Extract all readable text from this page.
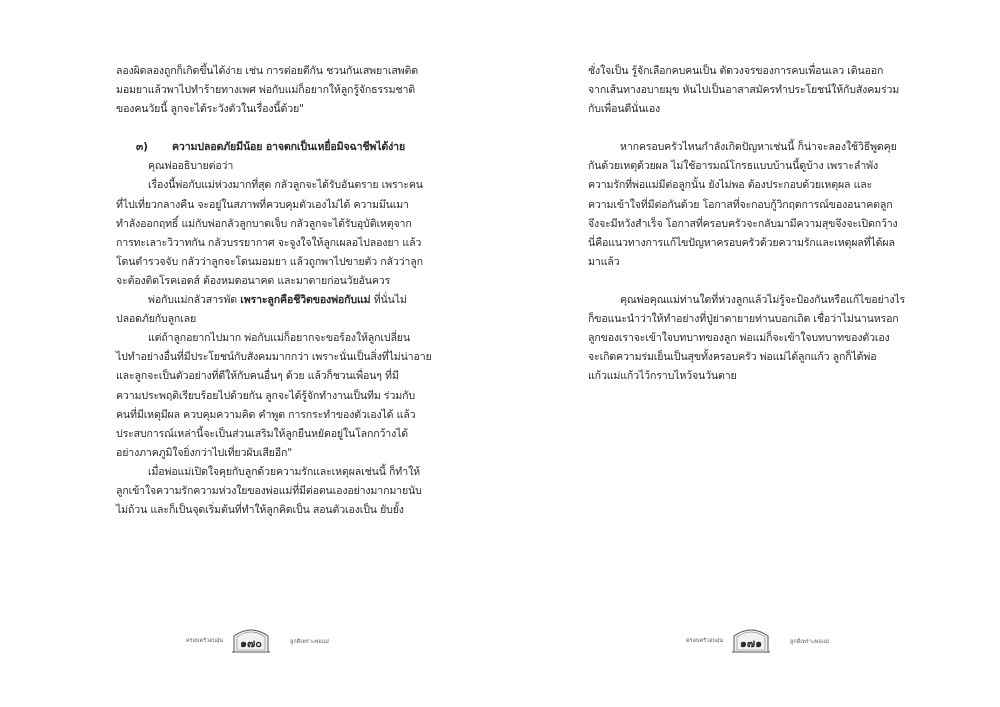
ลองผิดลองถูกก็เกิดขึ้นได้ง่าย เช่น การต่อยตีกัน ชวนกันเสพยาเสพติด
มอมยาแล้วพาไปทำร้ายทางเพศ พ่อกับแม่ก็อยากให้ลูกรู้จักธรรมชาติ
ของคนวัยนี้ ลูกจะได้ระวังตัวในเรื่องนี้ด้วย"
๓) ความปลอดภัยมีน้อย อาจตกเป็นเหยื่อมิจฉาชีพได้ง่าย
คุณพ่ออธิบายต่อว่า
เรื่องนี้พ่อกับแม่ห่วงมากที่สุด กลัวลูกจะได้รับอันตราย เพราะคน
ที่ไปเที่ยวกลางคืน จะอยู่ในสภาพที่ควบคุมตัวเองไม่ได้ ความมึนเมา
ทำลังออกฤทธิ์ แม่กับพ่อกลัวลูกบาดเจ็บ กลัวลูกจะได้รับอุบัติเหตุจาก
การทะเลาะวิวาทกัน กลัวบรรยากาศ จะจูงใจให้ลูกเผลอไปลองยา แล้ว
โดนตำรวจจับ กลัวว่าลูกจะโดนมอมยา แล้วถูกพาไปขายตัว กลัวว่าลูก
จะต้องติดโรคเอดส์ ต้องหมดอนาคต และมาตายก่อนวัยอันควร
พ่อกับแม่กลัวสารพัด เพราะลูกคือชีวิตของพ่อกับแม่ ที่นั่นไม่
ปลอดภัยกับลูกเลย
แต่ถ้าลูกอยากไปมาก พ่อกับแม่ก็อยากจะขอร้องให้ลูกเปลี่ยน
ไปทำอย่างอื่นที่มีประโยชน์กับสังคมมากกว่า เพราะนั่นเป็นสิ่งที่ไม่น่าอาย
และลูกจะเป็นตัวอย่างที่ดีให้กับคนอื่นๆ ด้วย แล้วก็ชวนเพื่อนๆ ที่มี
ความประพฤติเรียบร้อยไปด้วยกัน ลูกจะได้รู้จักทำงานเป็นทีม ร่วมกับ
คนที่มีเหตุมีผล ควบคุมความคิด คำพูด การกระทำของตัวเองได้ แล้ว
ประสบการณ์เหล่านี้จะเป็นส่วนเสริมให้ลูกยืนหยัดอยู่ในโลกกว้างได้
อย่างภาคภูมิใจยิ่งกว่าไปเที่ยวผับเสียอีก"
เมื่อพ่อแม่เปิดใจคุยกับลูกด้วยความรักและเหตุผลเช่นนี้ ก็ทำให้
ลูกเข้าใจความรักความห่วงใยของพ่อแม่ที่มีต่อตนเองอย่างมากมายนับ
ไม่ถ้วน และก็เป็นจุดเริ่มต้นที่ทำให้ลูกคิดเป็น สอนตัวเองเป็น ยับยั้ง
ครอบครัวอบอุ่น	๑๗๐	ลูกดีเพราะพ่อแม่
ชั่งใจเป็น รู้จักเลือกคบคนเป็น ตัดวงจรของการคบเพื่อนเลว เดินออก
จากเส้นทางอบายมุข หันไปเป็นอาสาสมัครทำประโยชน์ให้กับสังคมร่วม
กับเพื่อนดีนั่นเอง
หากครอบครัวไหนกำลังเกิดปัญหาเช่นนี้ ก็น่าจะลองใช้วิธีพูดคุย
กันด้วยเหตุด้วยผล ไม่ใช้อารมณ์โกรธแบบบ้านนี้ดูบ้าง เพราะลำพัง
ความรักที่พ่อแม่มีต่อลูกนั้น ยังไม่พอ ต้องประกอบด้วยเหตุผล และ
ความเข้าใจที่มีต่อกันด้วย โอกาสที่จะกอบกู้วิกฤตการณ์ของอนาคตลูก
จึงจะมีหวังสำเร็จ โอกาสที่ครอบครัวจะกลับมามีความสุขจึงจะเปิดกว้าง
นี่คือแนวทางการแก้ไขปัญหาครอบครัวด้วยความรักและเหตุผลที่ได้ผล
มาแล้ว
คุณพ่อคุณแม่ท่านใดที่ห่วงลูกแล้วไม่รู้จะป้องกันหรือแก้ไขอย่างไร
ก็ขอแนะนำว่าให้ทำอย่างที่ปู่ย่าตายายท่านบอกเถิด เชื่อว่าไม่นานหรอก
ลูกของเราจะเข้าใจบทบาทของลูก พ่อแม่ก็จะเข้าใจบทบาทของตัวเอง
จะเกิดความร่มเย็นเป็นสุขทั้งครอบครัว พ่อแม่ได้ลูกแก้ว ลูกก็ได้พ่อ
แก้วแม่แก้วไว้กราบไหว้จนวันตาย
ครอบครัวอบอุ่น	๑๗๑	ลูกดีเพราะพ่อแม่
